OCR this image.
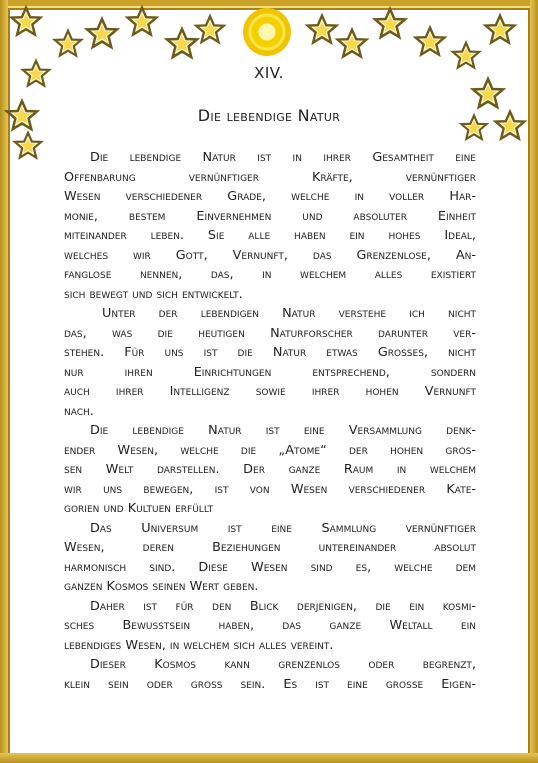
XIV.
Die lebendige Natur
Die lebendige Natur ist in ihrer Gesamtheit eine
Offenbarung vernünftiger Kräfte, vernünftiger
Wesen verschiedener Grade, welche in voller Har-
monie, bestem Einvernehmen und absoluter Einheit
miteinander leben. Sie alle haben ein hohes Ideal,
welches wir Gott, Vernunft, das Grenzenlose, An-
fanglose nennen, das, in welchem alles existiert
sich bewegt und sich entwickelt.
Unter der lebendigen Natur verstehe ich nicht
das, was die heutigen Naturforscher darunter ver-
stehen. Für uns ist die Natur etwas Grosses, nicht
nur ihren Einrichtungen entsprechend, sondern
auch ihrer Intelligenz sowie ihrer hohen Vernunft
nach.
Die lebendige Natur ist eine Versammlung denk-
ender Wesen, welche die „Atome“ der hohen gros-
sen Welt darstellen. Der ganze Raum in welchem
wir uns bewegen, ist von Wesen verschiedener Kate-
gorien und Kultuen erfüllt
Das Universum ist eine Sammlung vernünftiger
Wesen, deren Beziehungen untereinander absolut
harmonisch sind. Diese Wesen sind es, welche dem
ganzen Kosmos seinen Wert geben.
Daher ist für den Blick derjenigen, die ein kosmi-
sches Bewusstsein haben, das ganze Weltall ein
lebendiges Wesen, in welchem sich alles vereint.
Dieser Kosmos kann grenzenlos oder begrenzt,
klein sein oder gross sein. Es ist eine grosse Eigen-
